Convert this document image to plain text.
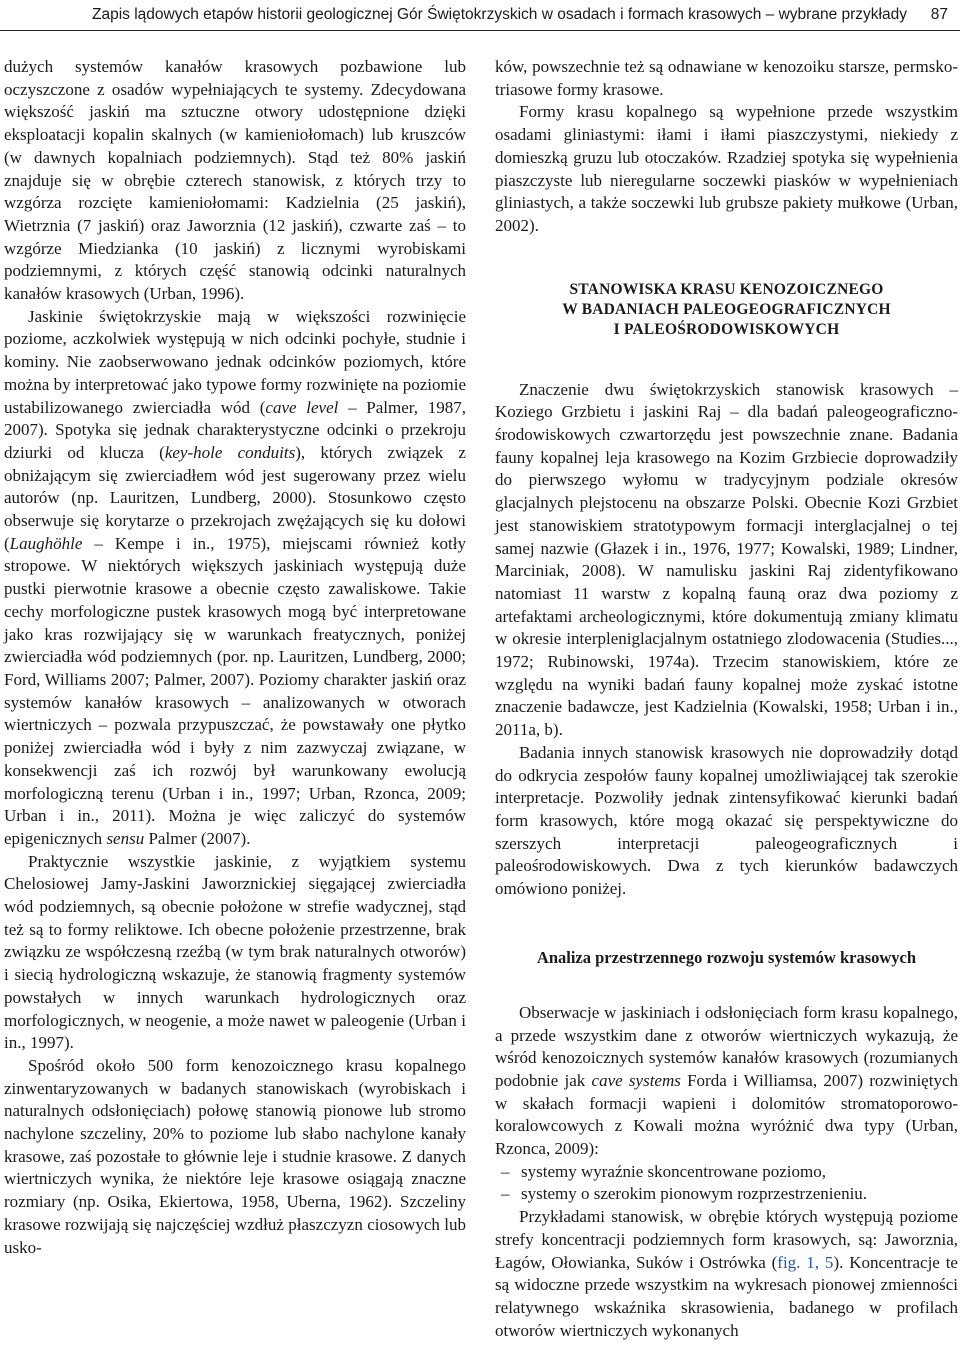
Zapis lądowych etapów historii geologicznej Gór Świętokrzyskich w osadach i formach krasowych – wybrane przykłady 87

dużych systemów kanałów krasowych pozbawione lub oczyszczone z osadów wypełniających te systemy. Zdecydowana większość jaskiń ma sztuczne otwory udostępnione dzięki eksploatacji kopalin skalnych (w kamieniołomach) lub kruszców (w dawnych kopalniach podziemnych). Stąd też 80% jaskiń znajduje się w obrębie czterech stanowisk, z których trzy to wzgórza rozcięte kamieniołomami: Kadzielnia (25 jaskiń), Wietrznia (7 jaskiń) oraz Jaworznia (12 jaskiń), czwarte zaś – to wzgórze Miedzianka (10 jaskiń) z licznymi wyrobiskami podziemnymi, z których część stanowią odcinki naturalnych kanałów krasowych (Urban, 1996).

Jaskinie świętokrzyskie mają w większości rozwinięcie poziome, aczkolwiek występują w nich odcinki pochyłe, studnie i kominy. Nie zaobserwowano jednak odcinków poziomych, które można by interpretować jako typowe formy rozwinięte na poziomie ustabilizowanego zwierciadła wód (cave level – Palmer, 1987, 2007). Spotyka się jednak charakterystyczne odcinki o przekroju dziurki od klucza (key-hole conduits), których związek z obniżającym się zwierciadłem wód jest sugerowany przez wielu autorów (np. Lauritzen, Lundberg, 2000). Stosunkowo często obserwuje się korytarze o przekrojach zwężających się ku dołowi (Laughöhle – Kempe i in., 1975), miejscami również kotły stropowe. W niektórych większych jaskiniach występują duże pustki pierwotnie krasowe a obecnie często zawaliskowe. Takie cechy morfologiczne pustek krasowych mogą być interpretowane jako kras rozwijający się w warunkach freatycznych, poniżej zwierciadła wód podziemnych (por. np. Lauritzen, Lundberg, 2000; Ford, Williams 2007; Palmer, 2007). Poziomy charakter jaskiń oraz systemów kanałów krasowych – analizowanych w otworach wiertniczych – pozwala przypuszczać, że powstawały one płytko poniżej zwierciadła wód i były z nim zazwyczaj związane, w konsekwencji zaś ich rozwój był warunkowany ewolucją morfologiczną terenu (Urban i in., 1997; Urban, Rzonca, 2009; Urban i in., 2011). Można je więc zaliczyć do systemów epigenicznych sensu Palmer (2007).

Praktycznie wszystkie jaskinie, z wyjątkiem systemu Chelosiowej Jamy-Jaskini Jaworznickiej sięgającej zwierciadła wód podziemnych, są obecnie położone w strefie wadycznej, stąd też są to formy reliktowe. Ich obecne położenie przestrzenne, brak związku ze współczesną rzeźbą (w tym brak naturalnych otworów) i siecią hydrologiczną wskazuje, że stanowią fragmenty systemów powstałych w innych warunkach hydrologicznych oraz morfologicznych, w neogenie, a może nawet w paleogenie (Urban i in., 1997).

Spośród około 500 form kenozoicznego krasu kopalnego zinwentaryzowanych w badanych stanowiskach (wyrobiskach i naturalnych odsłonięciach) połowę stanowią pionowe lub stromo nachylone szczeliny, 20% to poziome lub słabo nachylone kanały krasowe, zaś pozostałe to głównie leje i studnie krasowe. Z danych wiertniczych wynika, że niektóre leje krasowe osiągają znaczne rozmiary (np. Osika, Ekiertowa, 1958, Uberna, 1962). Szczeliny krasowe rozwijają się najczęściej wzdłuż płaszczyzn ciosowych lub usko-

ków, powszechnie też są odnawiane w kenozoiku starsze, permsko-triasowe formy krasowe.

Formy krasu kopalnego są wypełnione przede wszystkim osadami gliniastymi: iłami i iłami piaszczystymi, niekiedy z domieszką gruzu lub otoczaków. Rzadziej spotyka się wypełnienia piaszczyste lub nieregularne soczewki piasków w wypełnieniach gliniastych, a także soczewki lub grubsze pakiety mułkowe (Urban, 2002).

STANOWISKA KRASU KENOZOICZNEGO
W BADANIACH PALEOGEOGRAFICZNYCH
I PALEOŚRODOWISKOWYCH

Znaczenie dwu świętokrzyskich stanowisk krasowych – Koziego Grzbietu i jaskini Raj – dla badań paleogeograficzno-środowiskowych czwartorzędu jest powszechnie znane. Badania fauny kopalnej leja krasowego na Kozim Grzbiecie doprowadziły do pierwszego wyłomu w tradycyjnym podziale okresów glacjalnych plejstocenu na obszarze Polski. Obecnie Kozi Grzbiet jest stanowiskiem stratotypowym formacji interglacjalnej o tej samej nazwie (Głazek i in., 1976, 1977; Kowalski, 1989; Lindner, Marciniak, 2008). W namulisku jaskini Raj zidentyfikowano natomiast 11 warstw z kopalną fauną oraz dwa poziomy z artefaktami archeologicznymi, które dokumentują zmiany klimatu w okresie interpleniglacjalnym ostatniego zlodowacenia (Studies..., 1972; Rubinowski, 1974a). Trzecim stanowiskiem, które ze względu na wyniki badań fauny kopalnej może zyskać istotne znaczenie badawcze, jest Kadzielnia (Kowalski, 1958; Urban i in., 2011a, b).

Badania innych stanowisk krasowych nie doprowadziły dotąd do odkrycia zespołów fauny kopalnej umożliwiającej tak szerokie interpretacje. Pozwoliły jednak zintensyfikować kierunki badań form krasowych, które mogą okazać się perspektywiczne do szerszych interpretacji paleogeograficznych i paleośrodowiskowych. Dwa z tych kierunków badawczych omówiono poniżej.

Analiza przestrzennego rozwoju systemów krasowych

Obserwacje w jaskiniach i odsłonięciach form krasu kopalnego, a przede wszystkim dane z otworów wiertniczych wykazują, że wśród kenozoicznych systemów kanałów krasowych (rozumianych podobnie jak cave systems Forda i Williamsa, 2007) rozwiniętych w skałach formacji wapieni i dolomitów stromatoporowo-koralowcowych z Kowali można wyróżnić dwa typy (Urban, Rzonca, 2009):

– systemy wyraźnie skoncentrowane poziomo,
– systemy o szerokim pionowym rozprzestrzenieniu.

Przykładami stanowisk, w obrębie których występują poziome strefy koncentracji podziemnych form krasowych, są: Jaworznia, Łagów, Ołowianka, Suków i Ostrówka (fig. 1, 5). Koncentracje te są widoczne przede wszystkim na wykresach pionowej zmienności relatywnego wskaźnika skrasowienia, badanego w profilach otworów wiertniczych wykonanych
